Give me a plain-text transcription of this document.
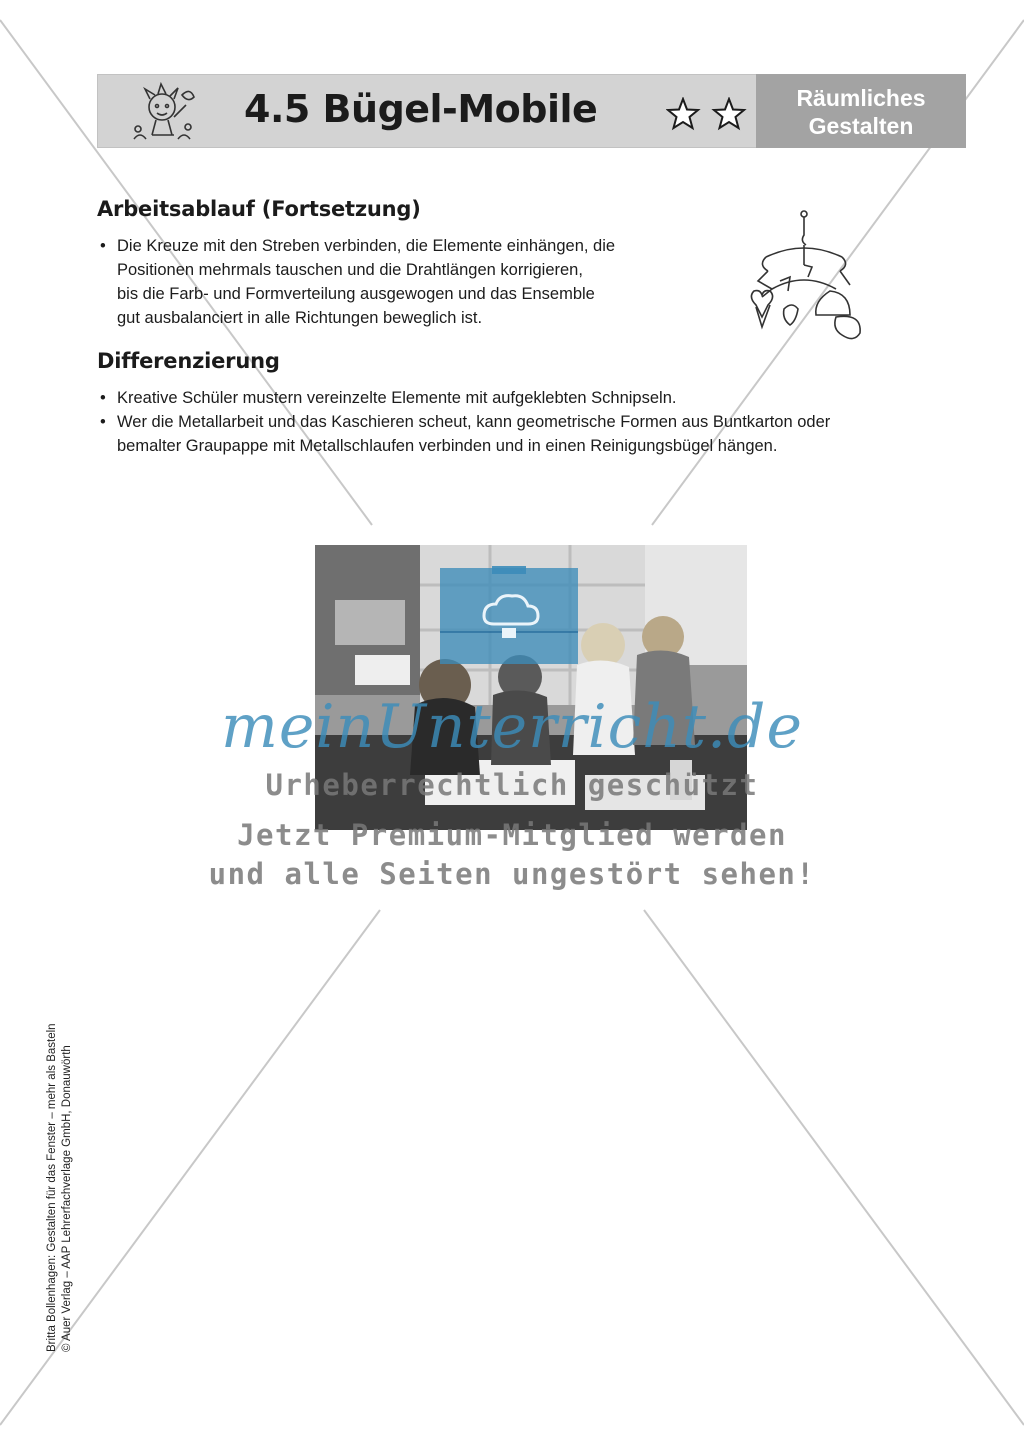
4.5 Bügel-Mobile	Räumliches
Gestalten
Arbeitsablauf (Fortsetzung)
• Die Kreuze mit den Streben verbinden, die Elemente einhängen, die
Positionen mehrmals tauschen und die Drahtlängen korrigieren,
bis die Farb- und Formverteilung ausgewogen und das Ensemble
gut ausbalanciert in alle Richtungen beweglich ist.
Differenzierung
• Kreative Schüler mustern vereinzelte Elemente mit aufgeklebten Schnipseln.
• Wer die Metallarbeit und das Kaschieren scheut, kann geometrische Formen aus Buntkarton oder
bemalter Graupappe mit Metallschlaufen verbinden und in einen Reinigungsbügel hängen.
meinUnterricht.de
Urheberrechtlich geschützt
Jetzt Premium-Mitglied werden
und alle Seiten ungestört sehen!
Britta Bollenhagen: Gestalten für das Fenster – mehr als Basteln © Auer Verlag – AAP Lehrerfachverlage GmbH, Donauwörth
